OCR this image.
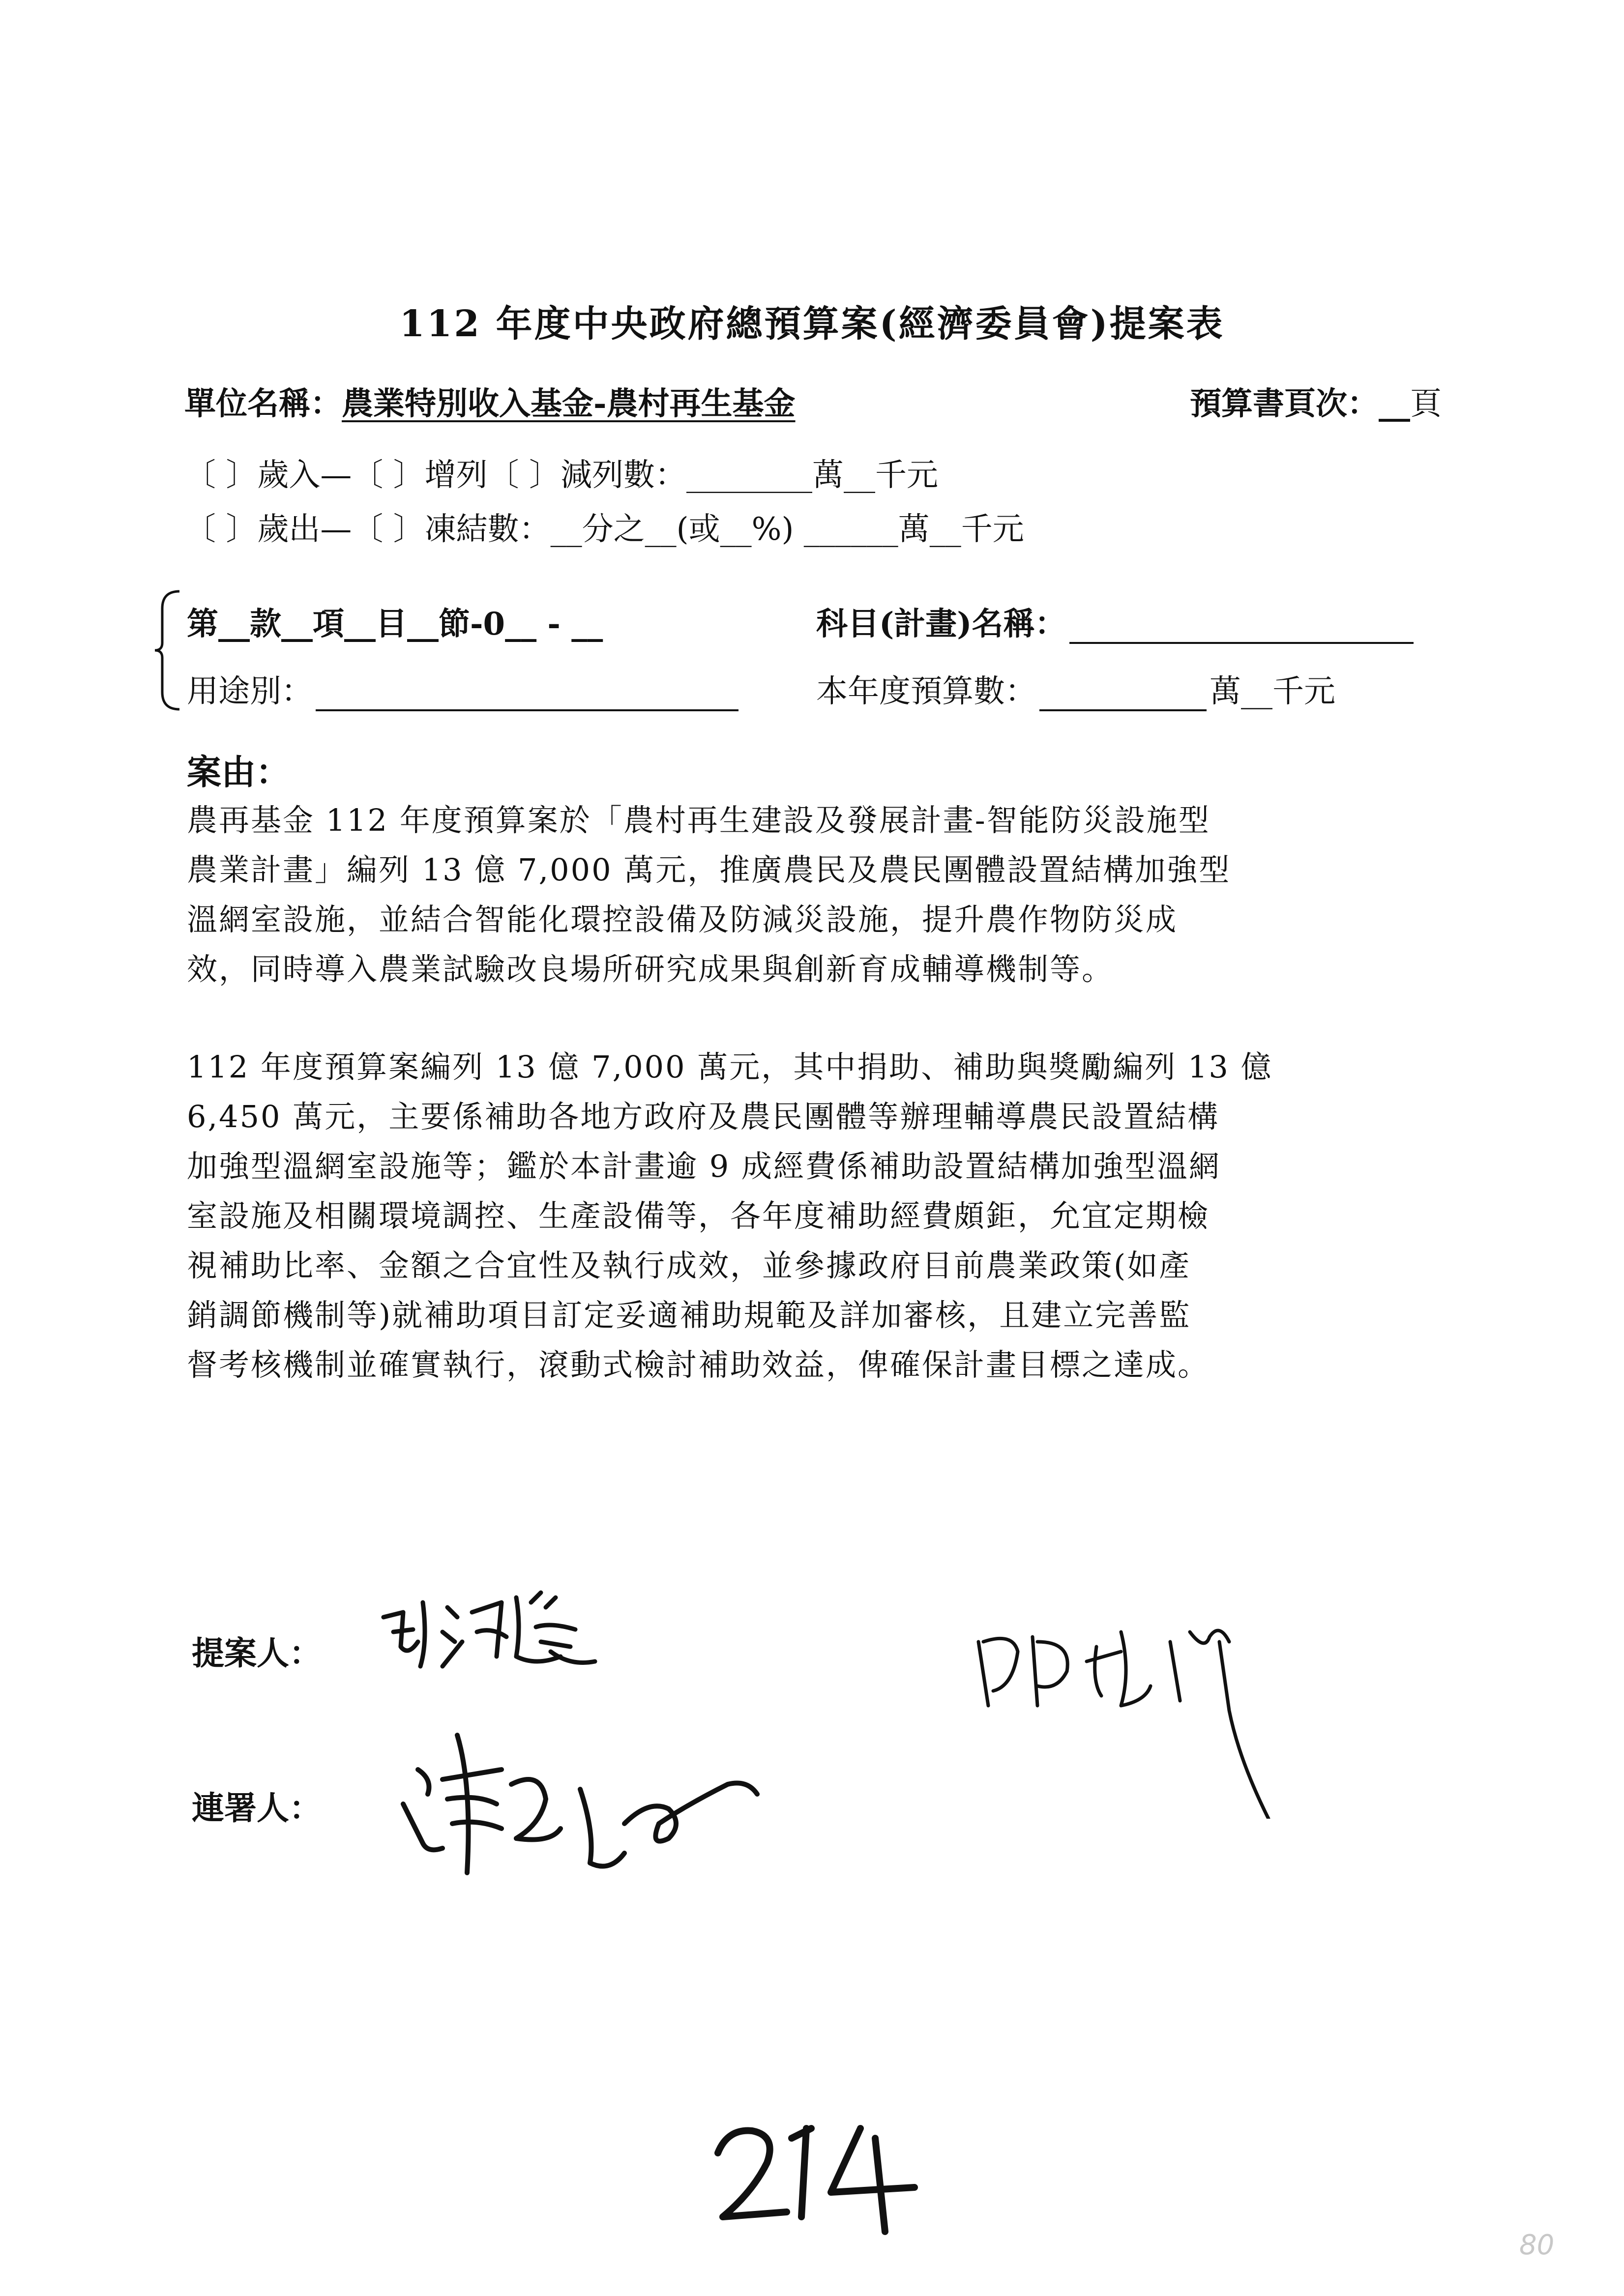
112 年度中央政府總預算案(經濟委員會)提案表
單位名稱：農業特別收入基金-農村再生基金	預算書頁次：__頁
〔 〕歲入—〔 〕增列〔 〕減列數：________萬__千元
〔 〕歲出—〔 〕凍結數：__分之__(或__%) ______萬__千元
第__款__項__目__節-0__ - __	科目(計畫)名稱：
用途別：	本年度預算數：	萬__千元
案由：
農再基金 112 年度預算案於「農村再生建設及發展計畫-智能防災設施型
農業計畫」編列 13 億 7,000 萬元，推廣農民及農民團體設置結構加強型
溫網室設施，並結合智能化環控設備及防減災設施，提升農作物防災成
效，同時導入農業試驗改良場所研究成果與創新育成輔導機制等。
112 年度預算案編列 13 億 7,000 萬元，其中捐助、補助與獎勵編列 13 億
6,450 萬元，主要係補助各地方政府及農民團體等辦理輔導農民設置結構
加強型溫網室設施等；鑑於本計畫逾 9 成經費係補助設置結構加強型溫網
室設施及相關環境調控、生產設備等，各年度補助經費頗鉅，允宜定期檢
視補助比率、金額之合宜性及執行成效，並參據政府目前農業政策(如產
銷調節機制等)就補助項目訂定妥適補助規範及詳加審核，且建立完善監
督考核機制並確實執行，滾動式檢討補助效益，俾確保計畫目標之達成。
提案人：
連署人：
80
